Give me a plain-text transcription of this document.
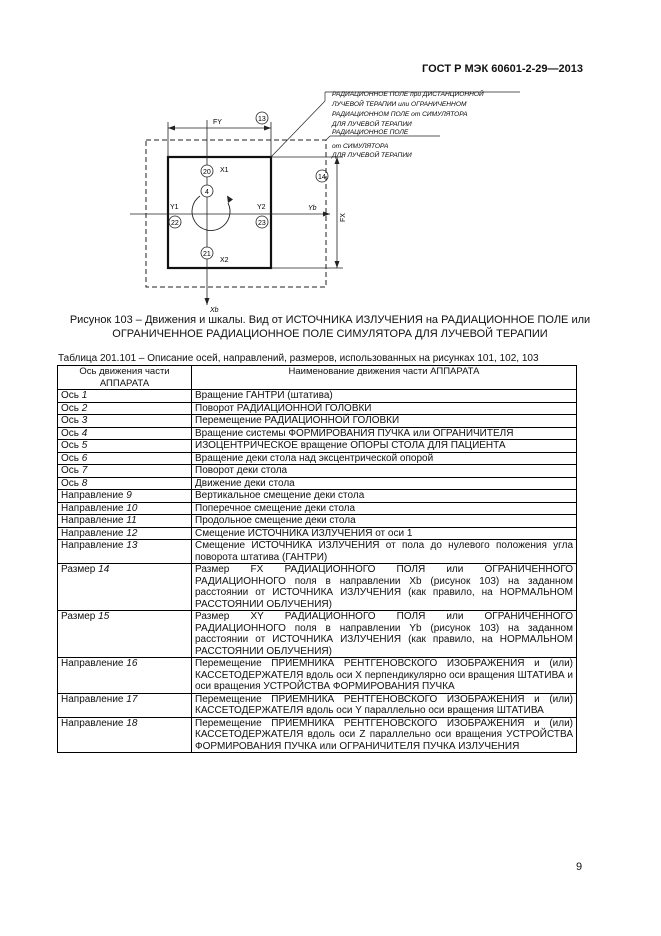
ГОСТ Р МЭК 60601-2-29—2013
FY	13
FX
14
Yb
Xb
4
20 X1
21
X2
22
Y1
23
Y2
РАДИАЦИОННОЕ ПОЛЕ при ДИСТАНЦИОННОЙ
ЛУЧЕВОЙ ТЕРАПИИ или ОГРАНИЧЕННОМ
РАДИАЦИОННОМ ПОЛЕ от СИМУЛЯТОРА
ДЛЯ ЛУЧЕВОЙ ТЕРАПИИ
РАДИАЦИОННОЕ ПОЛЕ
от СИМУЛЯТОРА
ДЛЯ ЛУЧЕВОЙ ТЕРАПИИ
Рисунок 103 – Движения и шкалы. Вид от ИСТОЧНИКА ИЗЛУЧЕНИЯ на РАДИАЦИОННОЕ ПОЛЕ или
ОГРАНИЧЕННОЕ РАДИАЦИОННОЕ ПОЛЕ СИМУЛЯТОРА ДЛЯ ЛУЧЕВОЙ ТЕРАПИИ
Таблица 201.101 – Описание осей, направлений, размеров, использованных на рисунках 101, 102, 103
Ось движения части АППАРАТА	Наименование движения части АППАРАТА
Ось 1	Вращение ГАНТРИ (штатива)
Ось 2	Поворот РАДИАЦИОННОЙ ГОЛОВКИ
Ось 3	Перемещение РАДИАЦИОННОЙ ГОЛОВКИ
Ось 4	Вращение системы ФОРМИРОВАНИЯ ПУЧКА или ОГРАНИЧИТЕЛЯ
Ось 5	ИЗОЦЕНТРИЧЕСКОЕ вращение ОПОРЫ СТОЛА ДЛЯ ПАЦИЕНТА
Ось 6	Вращение деки стола над эксцентрической опорой
Ось 7	Поворот деки стола
Ось 8	Движение деки стола
Направление 9	Вертикальное смещение деки стола
Направление 10	Поперечное смещение деки стола
Направление 11	Продольное смещение деки стола
Направление 12	Смещение ИСТОЧНИКА ИЗЛУЧЕНИЯ от оси 1
Направление 13	Смещение ИСТОЧНИКА ИЗЛУЧЕНИЯ от пола до нулевого положения угла поворота штатива (ГАНТРИ)
Размер 14	Размер FX РАДИАЦИОННОГО ПОЛЯ или ОГРАНИЧЕННОГО РАДИАЦИОННОГО поля в направлении Xb (рисунок 103) на заданном расстоянии от ИСТОЧНИКА ИЗЛУЧЕНИЯ (как правило, на НОРМАЛЬНОМ РАССТОЯНИИ ОБЛУЧЕНИЯ)
Размер 15	Размер XY РАДИАЦИОННОГО ПОЛЯ или ОГРАНИЧЕННОГО РАДИАЦИОННОГО поля в направлении Yb (рисунок 103) на заданном расстоянии от ИСТОЧНИКА ИЗЛУЧЕНИЯ (как правило, на НОРМАЛЬНОМ РАССТОЯНИИ ОБЛУЧЕНИЯ)
Направление 16	Перемещение ПРИЕМНИКА РЕНТГЕНОВСКОГО ИЗОБРАЖЕНИЯ и (или) КАССЕТОДЕРЖАТЕЛЯ вдоль оси X перпендикулярно оси вращения ШТАТИВА и оси вращения УСТРОЙСТВА ФОРМИРОВАНИЯ ПУЧКА
Направление 17	Перемещение ПРИЕМНИКА РЕНТГЕНОВСКОГО ИЗОБРАЖЕНИЯ и (или) КАССЕТОДЕРЖАТЕЛЯ вдоль оси Y параллельно оси вращения ШТАТИВА
Направление 18	Перемещение ПРИЕМНИКА РЕНТГЕНОВСКОГО ИЗОБРАЖЕНИЯ и (или) КАССЕТОДЕРЖАТЕЛЯ вдоль оси Z параллельно оси вращения УСТРОЙСТВА ФОРМИРОВАНИЯ ПУЧКА или ОГРАНИЧИТЕЛЯ ПУЧКА ИЗЛУЧЕНИЯ
9
